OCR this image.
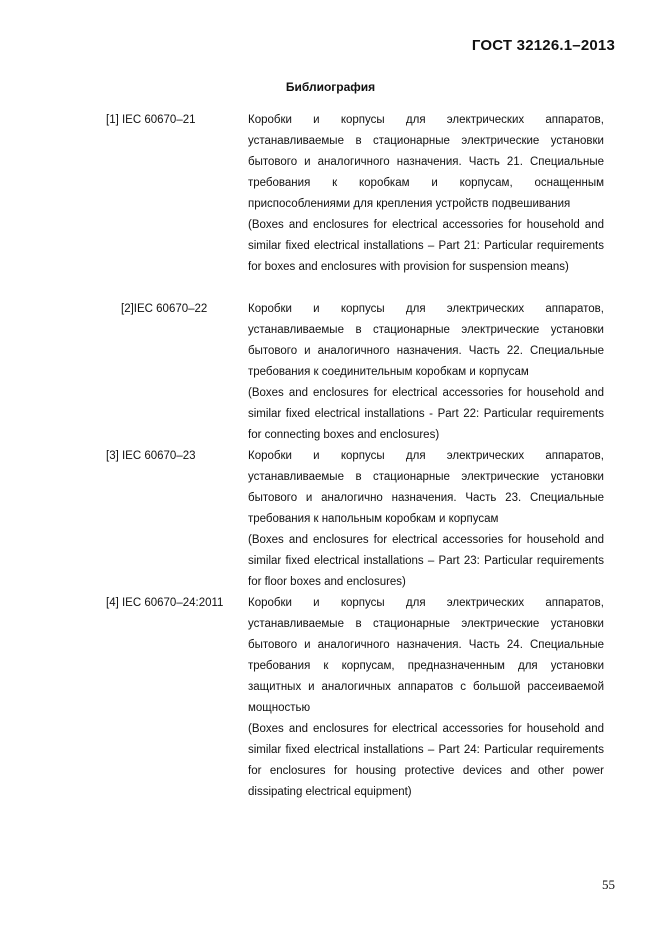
ГОСТ 32126.1–2013
Библиография
[1] IEC 60670–21	Коробки и корпусы для электрических аппаратов, устанавливаемые в стационарные электрические установки бытового и аналогичного назначения. Часть 21. Специальные требования к коробкам и корпусам, оснащенным приспособлениями для крепления устройств подвешивания

(Boxes and enclosures for electrical accessories for household and similar fixed electrical installations – Part 21: Particular requirements for boxes and enclosures with provision for suspension means)

[2]IEC 60670–22	Коробки и корпусы для электрических аппаратов, устанавливаемые в стационарные электрические установки бытового и аналогичного назначения. Часть 22. Специальные требования к соединительным коробкам и корпусам

(Boxes and enclosures for electrical accessories for household and similar fixed electrical installations - Part 22: Particular requirements for connecting boxes and enclosures)

[3] IEC 60670–23	Коробки и корпусы для электрических аппаратов, устанавливаемые в стационарные электрические установки бытового и аналогично назначения. Часть 23. Специальные требования к напольным коробкам и корпусам

(Boxes and enclosures for electrical accessories for household and similar fixed electrical installations – Part 23: Particular requirements for floor boxes and enclosures)

[4] IEC 60670–24:2011 Коробки и корпусы для электрических аппаратов, устанавливаемые в стационарные электрические установки бытового и аналогичного назначения. Часть 24. Специальные требования к корпусам, предназначенным для установки защитных и аналогичных аппаратов с большой рассеиваемой мощностью

(Boxes and enclosures for electrical accessories for household and similar fixed electrical installations – Part 24: Particular requirements for enclosures for housing protective devices and other power dissipating electrical equipment)

55
